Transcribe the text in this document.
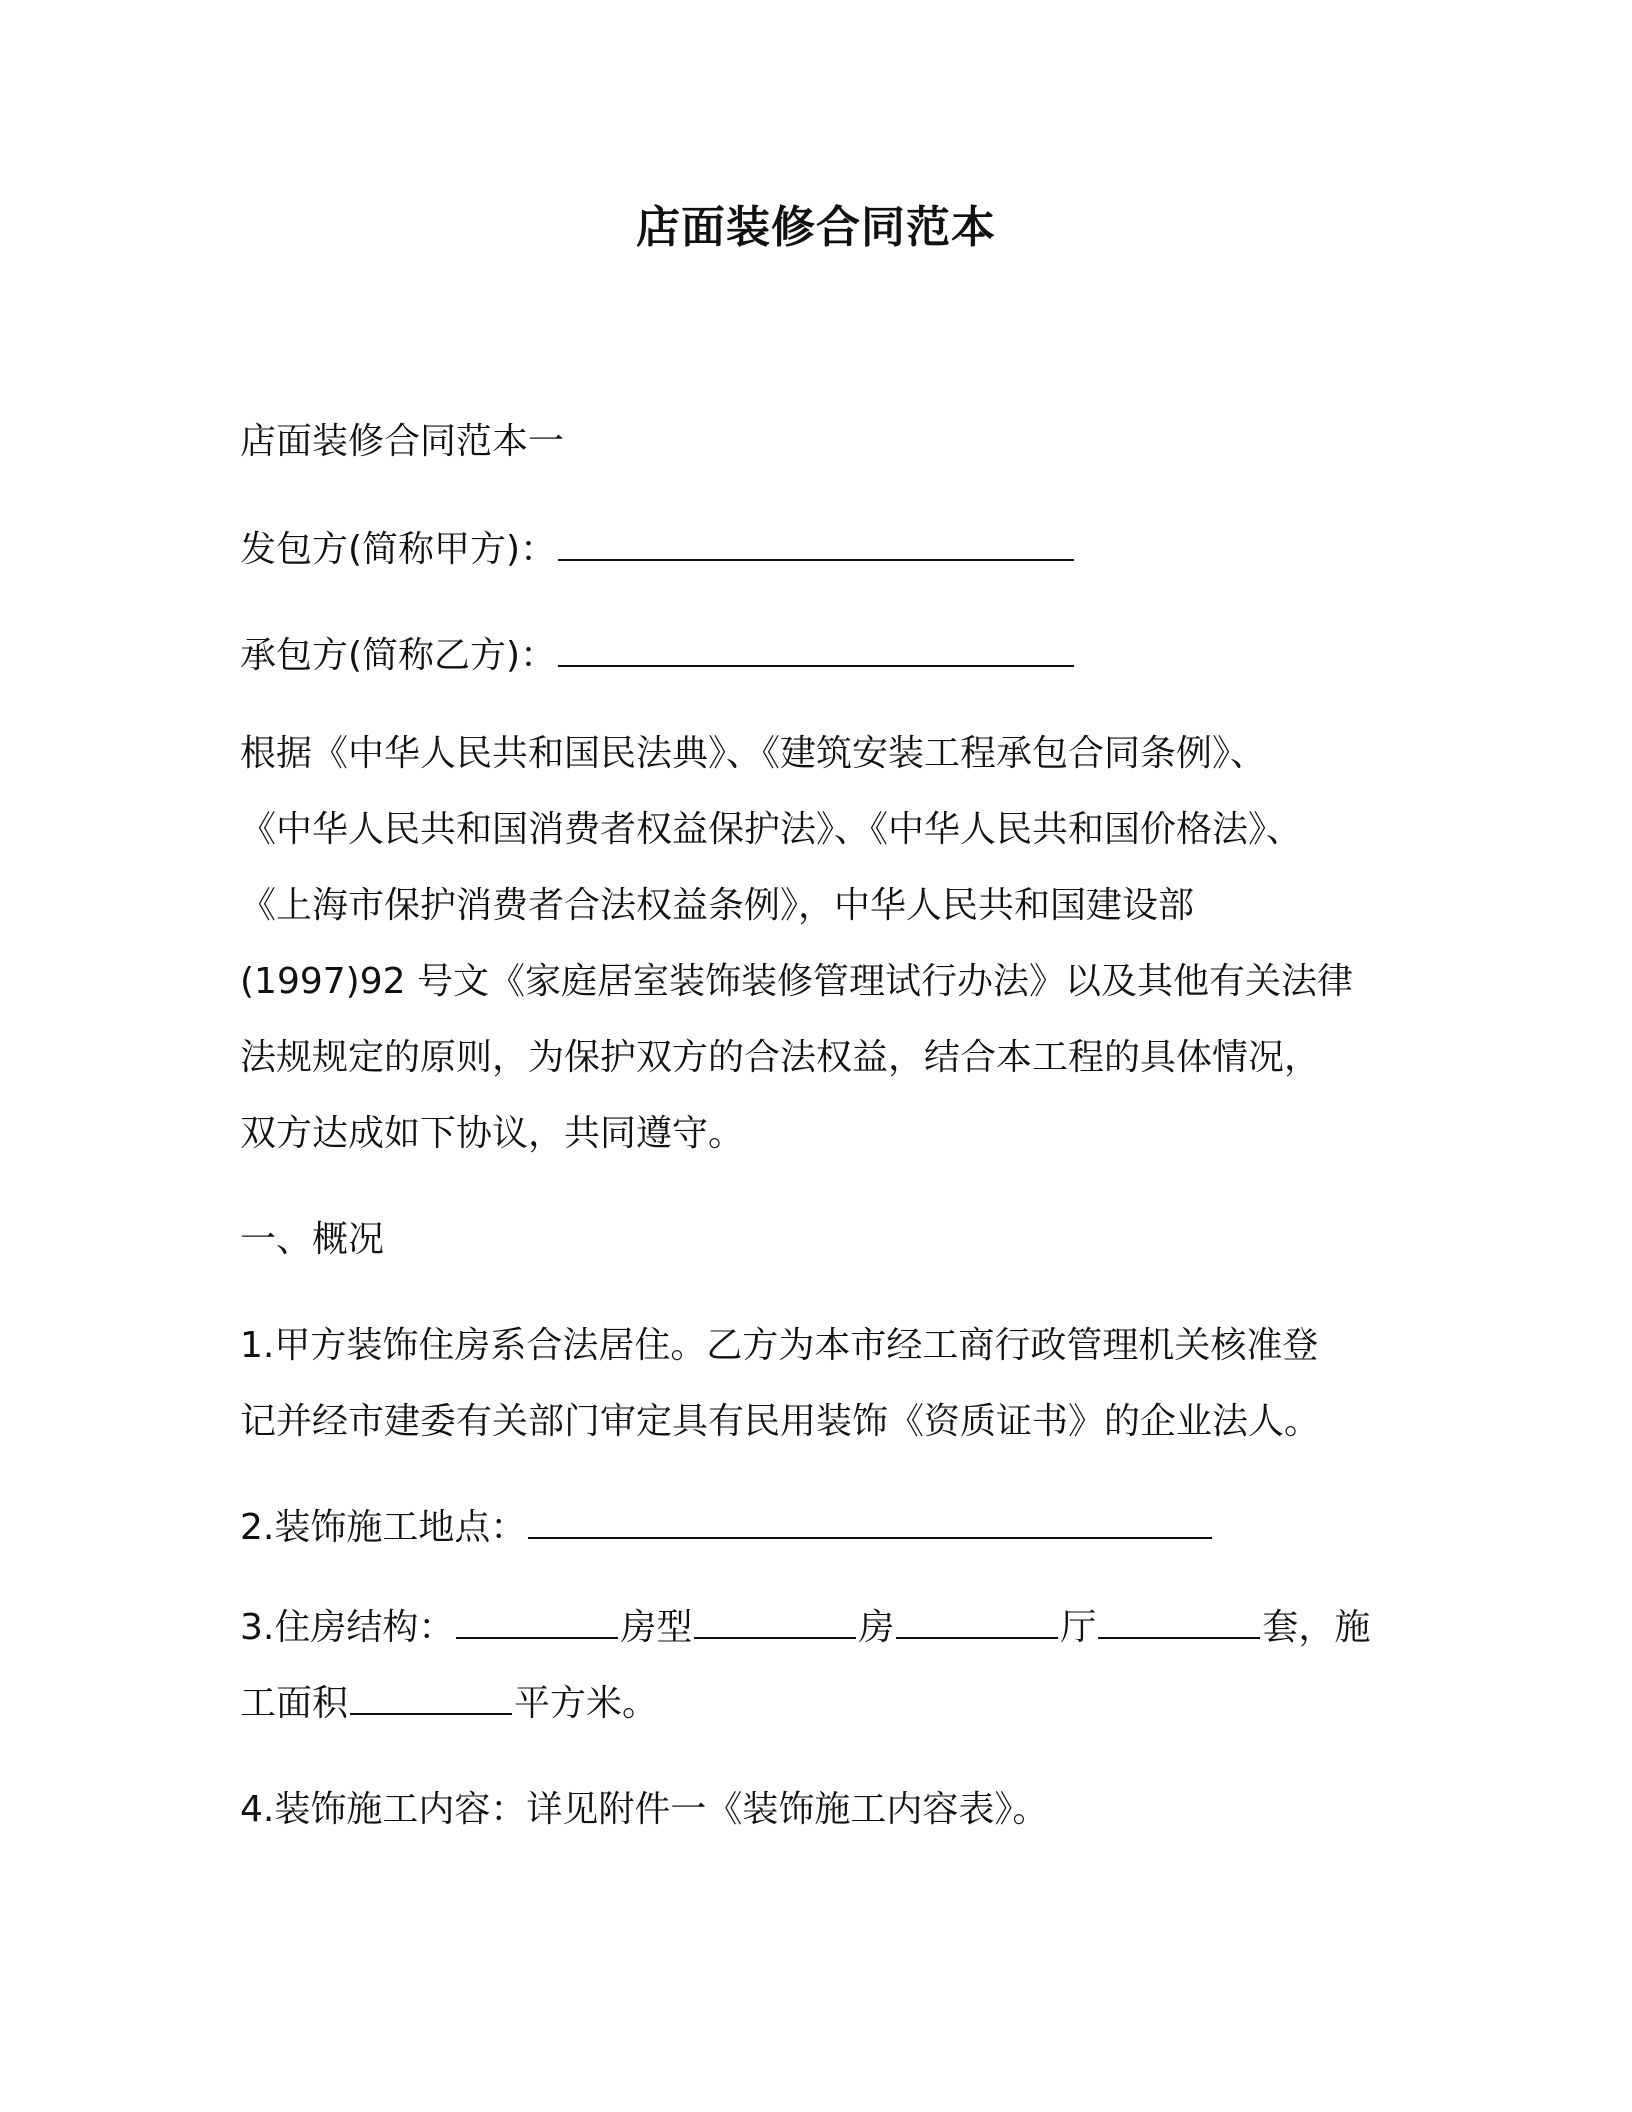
店面装修合同范本
店面装修合同范本一
发包方(简称甲方)：
承包方(简称乙方)：
根据《中华人民共和国民法典》、《建筑安装工程承包合同条例》、
《中华人民共和国消费者权益保护法》、《中华人民共和国价格法》、
《上海市保护消费者合法权益条例》，中华人民共和国建设部
(1997)92 号文《家庭居室装饰装修管理试行办法》以及其他有关法律
法规规定的原则，为保护双方的合法权益，结合本工程的具体情况，
双方达成如下协议，共同遵守。
一、概况
1.甲方装饰住房系合法居住。乙方为本市经工商行政管理机关核准登
记并经市建委有关部门审定具有民用装饰《资质证书》的企业法人。
2.装饰施工地点：
3.住房结构：	房型	房	厅	套，施
工面积	平方米。
4.装饰施工内容：详见附件一《装饰施工内容表》。
